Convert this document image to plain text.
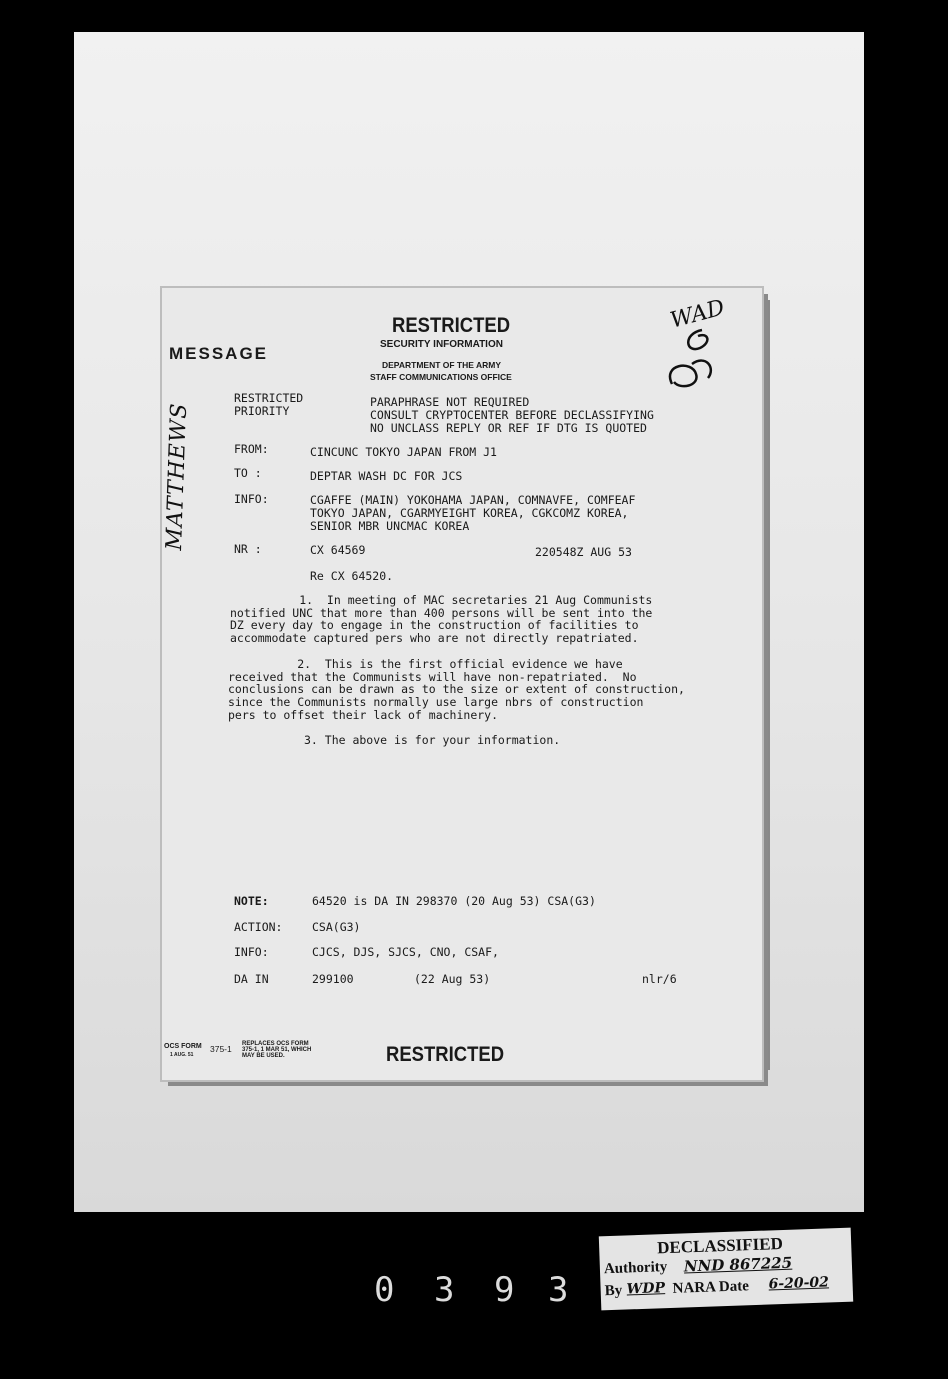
RESTRICTED
SECURITY INFORMATION
DEPARTMENT OF THE ARMY
STAFF COMMUNICATIONS OFFICE
MESSAGE
MATTHEWS
WAD
RESTRICTED
PRIORITY
PARAPHRASE NOT REQUIRED
CONSULT CRYPTOCENTER BEFORE DECLASSIFYING
NO UNCLASS REPLY OR REF IF DTG IS QUOTED
FROM:	CINCUNC TOKYO JAPAN FROM J1
TO :	DEPTAR WASH DC FOR JCS
INFO:	CGAFFE (MAIN) YOKOHAMA JAPAN, COMNAVFE, COMFEAF
TOKYO JAPAN, CGARMYEIGHT KOREA, CGKCOMZ KOREA,
SENIOR MBR UNCMAC KOREA
NR :	CX 64569	220548Z AUG 53
Re CX 64520.
1.  In meeting of MAC secretaries 21 Aug Communists
notified UNC that more than 400 persons will be sent into the
DZ every day to engage in the construction of facilities to
accommodate captured pers who are not directly repatriated.
2.  This is the first official evidence we have
received that the Communists will have non-repatriated.  No
conclusions can be drawn as to the size or extent of construction,
since the Communists normally use large nbrs of construction
pers to offset their lack of machinery.
3. The above is for your information.
NOTE:	64520 is DA IN 298370 (20 Aug 53) CSA(G3)
ACTION:	CSA(G3)
INFO:	CJCS, DJS, SJCS, CNO, CSAF,
DA IN	299100	(22 Aug 53)	nlr/6
OCS FORM
1 AUG. 51
375-1 REPLACES OCS FORM
375-1, 1 MAR 51, WHICH
MAY BE USED.	RESTRICTED
DECLASSIFIED
Authority NND 867225
By WDP NARA Date 6-20-02
0 3 9 3
